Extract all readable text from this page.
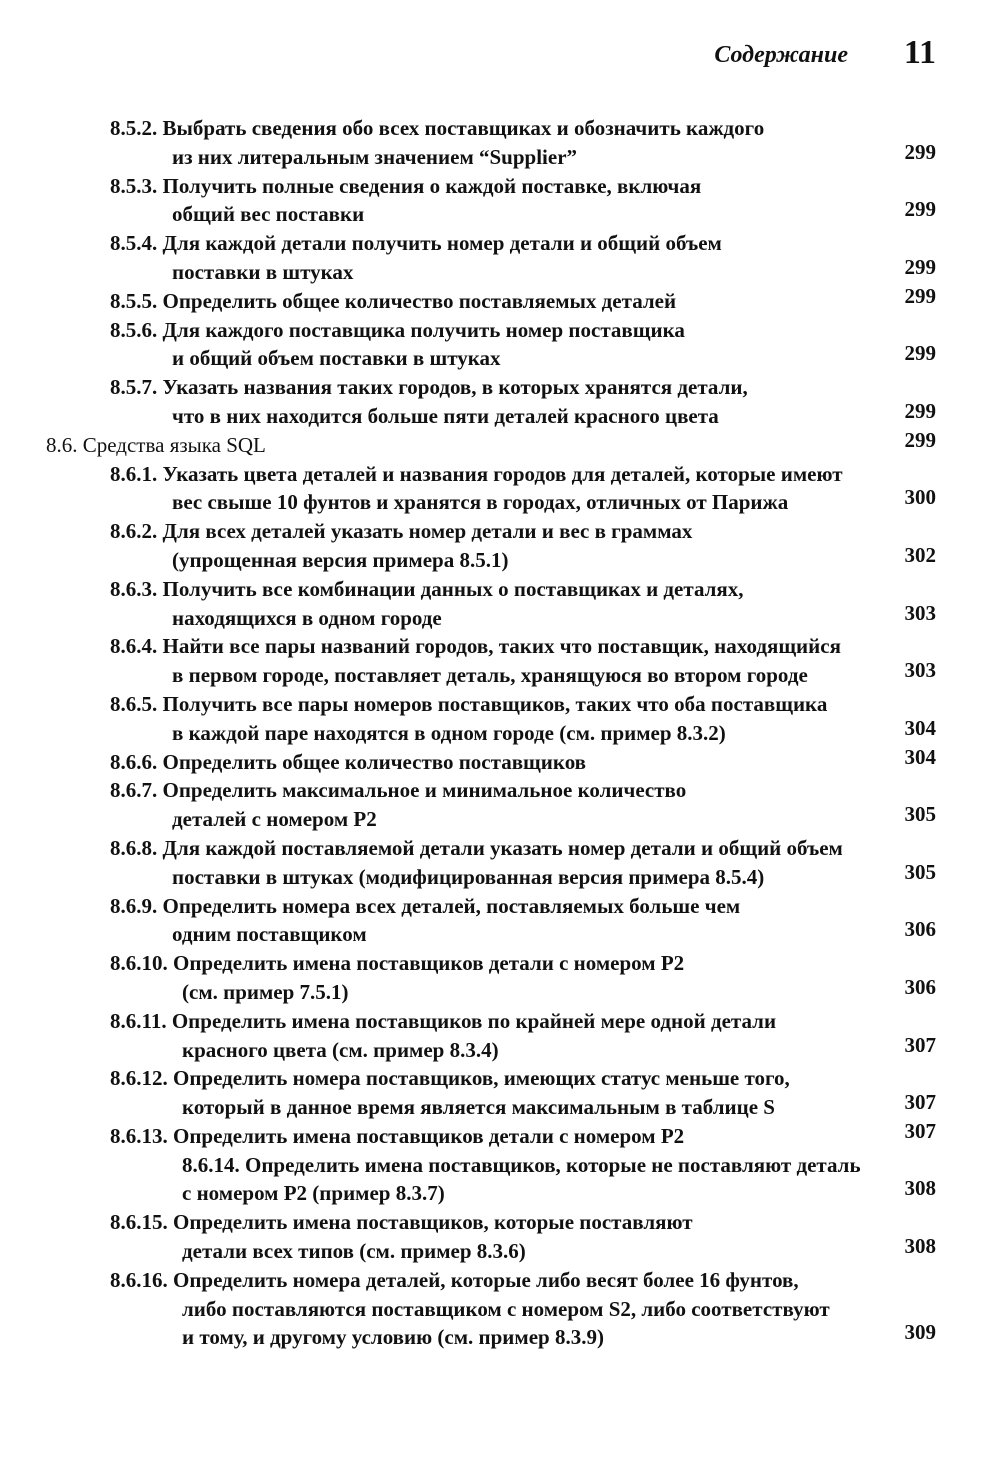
Содержание 11
8.5.2. Выбрать сведения обо всех поставщиках и обозначить каждого
из них литеральным значением “Supplier”	299
8.5.3. Получить полные сведения о каждой поставке, включая
общий вес поставки	299
8.5.4. Для каждой детали получить номер детали и общий объем
поставки в штуках	299
8.5.5. Определить общее количество поставляемых деталей	299
8.5.6. Для каждого поставщика получить номер поставщика
и общий объем поставки в штуках	299
8.5.7. Указать названия таких городов, в которых хранятся детали,
что в них находится больше пяти деталей красного цвета	299
8.6. Средства языка SQL	299
8.6.1. Указать цвета деталей и названия городов для деталей, которые имеют
вес свыше 10 фунтов и хранятся в городах, отличных от Парижа	300
8.6.2. Для всех деталей указать номер детали и вес в граммах
(упрощенная версия примера 8.5.1)	302
8.6.3. Получить все комбинации данных о поставщиках и деталях,
находящихся в одном городе	303
8.6.4. Найти все пары названий городов, таких что поставщик, находящийся
в первом городе, поставляет деталь, хранящуюся во втором городе	303
8.6.5. Получить все пары номеров поставщиков, таких что оба поставщика
в каждой паре находятся в одном городе (см. пример 8.3.2)	304
8.6.6. Определить общее количество поставщиков	304
8.6.7. Определить максимальное и минимальное количество
деталей с номером P2	305
8.6.8. Для каждой поставляемой детали указать номер детали и общий объем
поставки в штуках (модифицированная версия примера 8.5.4)	305
8.6.9. Определить номера всех деталей, поставляемых больше чем
одним поставщиком	306
8.6.10. Определить имена поставщиков детали с номером P2
(см. пример 7.5.1)	306
8.6.11. Определить имена поставщиков по крайней мере одной детали
красного цвета (см. пример 8.3.4)	307
8.6.12. Определить номера поставщиков, имеющих статус меньше того,
который в данное время является максимальным в таблице S	307
8.6.13. Определить имена поставщиков детали с номером P2	307
8.6.14. Определить имена поставщиков, которые не поставляют деталь
с номером P2 (пример 8.3.7)	308
8.6.15. Определить имена поставщиков, которые поставляют
детали всех типов (см. пример 8.3.6)	308
8.6.16. Определить номера деталей, которые либо весят более 16 фунтов,
либо поставляются поставщиком с номером S2, либо соответствуют
и тому, и другому условию (см. пример 8.3.9)	309
